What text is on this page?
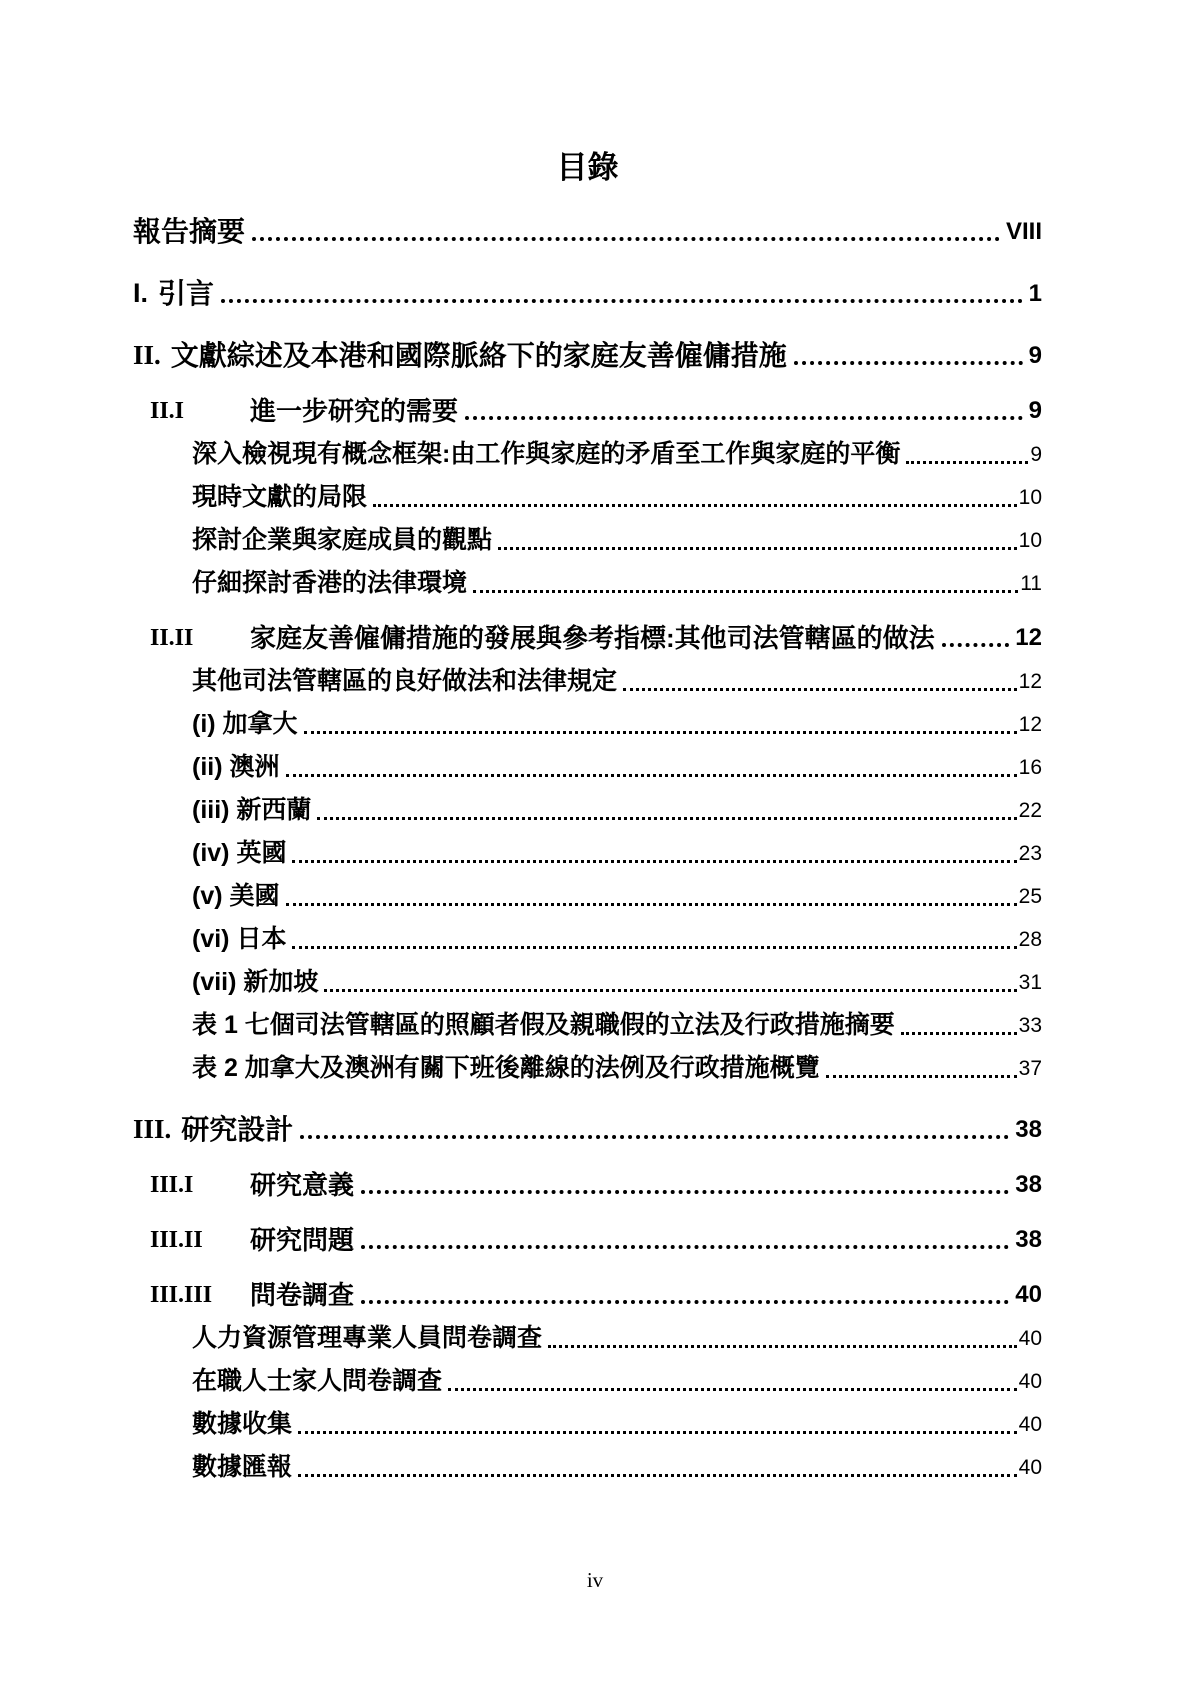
目錄
報告摘要	VIII
I. 引言	1
II. 文獻綜述及本港和國際脈絡下的家庭友善僱傭措施	9
II.I	進一步研究的需要	9
深入檢視現有概念框架:由工作與家庭的矛盾至工作與家庭的平衡	9
現時文獻的局限	10
探討企業與家庭成員的觀點	10
仔細探討香港的法律環境	11
II.II	家庭友善僱傭措施的發展與參考指標:其他司法管轄區的做法	12
其他司法管轄區的良好做法和法律規定	12
(i) 加拿大	12
(ii) 澳洲	16
(iii) 新西蘭	22
(iv) 英國	23
(v) 美國	25
(vi) 日本	28
(vii) 新加坡	31
表 1 七個司法管轄區的照顧者假及親職假的立法及行政措施摘要	33
表 2 加拿大及澳洲有關下班後離線的法例及行政措施概覽	37
III. 研究設計	38
III.I	研究意義	38
III.II	研究問題	38
III.III	問卷調查	40
人力資源管理專業人員問卷調查	40
在職人士家人問卷調查	40
數據收集	40
數據匯報	40
iv
